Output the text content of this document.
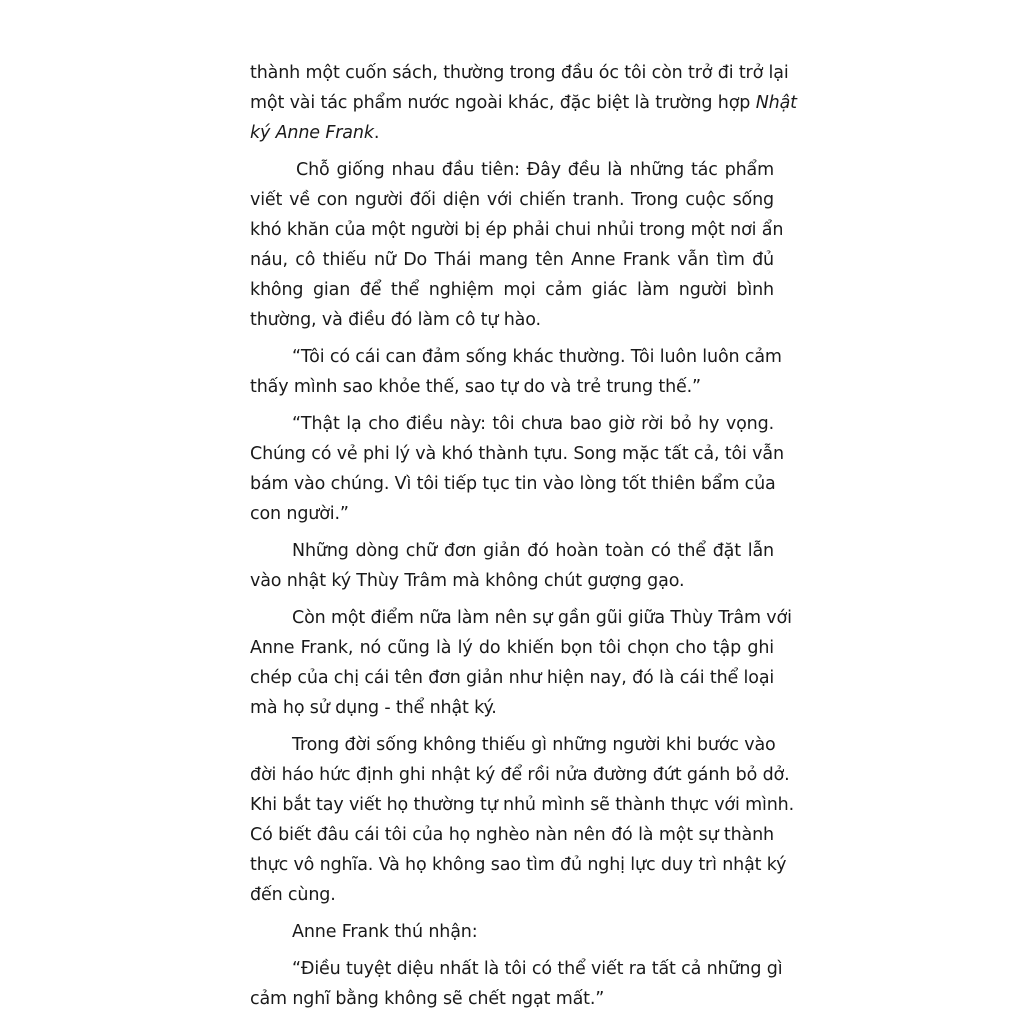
thành một cuốn sách, thường trong đầu óc tôi còn trở đi trở lại
một vài tác phẩm nước ngoài khác, đặc biệt là trường hợp Nhật
ký Anne Frank.
Chỗ giống nhau đầu tiên: Đây đều là những tác phẩm
viết về con người đối diện với chiến tranh. Trong cuộc sống
khó khăn của một người bị ép phải chui nhủi trong một nơi ẩn
náu, cô thiếu nữ Do Thái mang tên Anne Frank vẫn tìm đủ
không gian để thể nghiệm mọi cảm giác làm người bình
thường, và điều đó làm cô tự hào.
“Tôi có cái can đảm sống khác thường. Tôi luôn luôn cảm
thấy mình sao khỏe thế, sao tự do và trẻ trung thế.”
“Thật lạ cho điều này: tôi chưa bao giờ rời bỏ hy vọng.
Chúng có vẻ phi lý và khó thành tựu. Song mặc tất cả, tôi vẫn
bám vào chúng. Vì tôi tiếp tục tin vào lòng tốt thiên bẩm của
con người.”
Những dòng chữ đơn giản đó hoàn toàn có thể đặt lẫn
vào nhật ký Thùy Trâm mà không chút gượng gạo.
Còn một điểm nữa làm nên sự gần gũi giữa Thùy Trâm với
Anne Frank, nó cũng là lý do khiến bọn tôi chọn cho tập ghi
chép của chị cái tên đơn giản như hiện nay, đó là cái thể loại
mà họ sử dụng - thể nhật ký.
Trong đời sống không thiếu gì những người khi bước vào
đời háo hức định ghi nhật ký để rồi nửa đường đứt gánh bỏ dở.
Khi bắt tay viết họ thường tự nhủ mình sẽ thành thực với mình.
Có biết đâu cái tôi của họ nghèo nàn nên đó là một sự thành
thực vô nghĩa. Và họ không sao tìm đủ nghị lực duy trì nhật ký
đến cùng.
Anne Frank thú nhận:
“Điều tuyệt diệu nhất là tôi có thể viết ra tất cả những gì
cảm nghĩ bằng không sẽ chết ngạt mất.”
